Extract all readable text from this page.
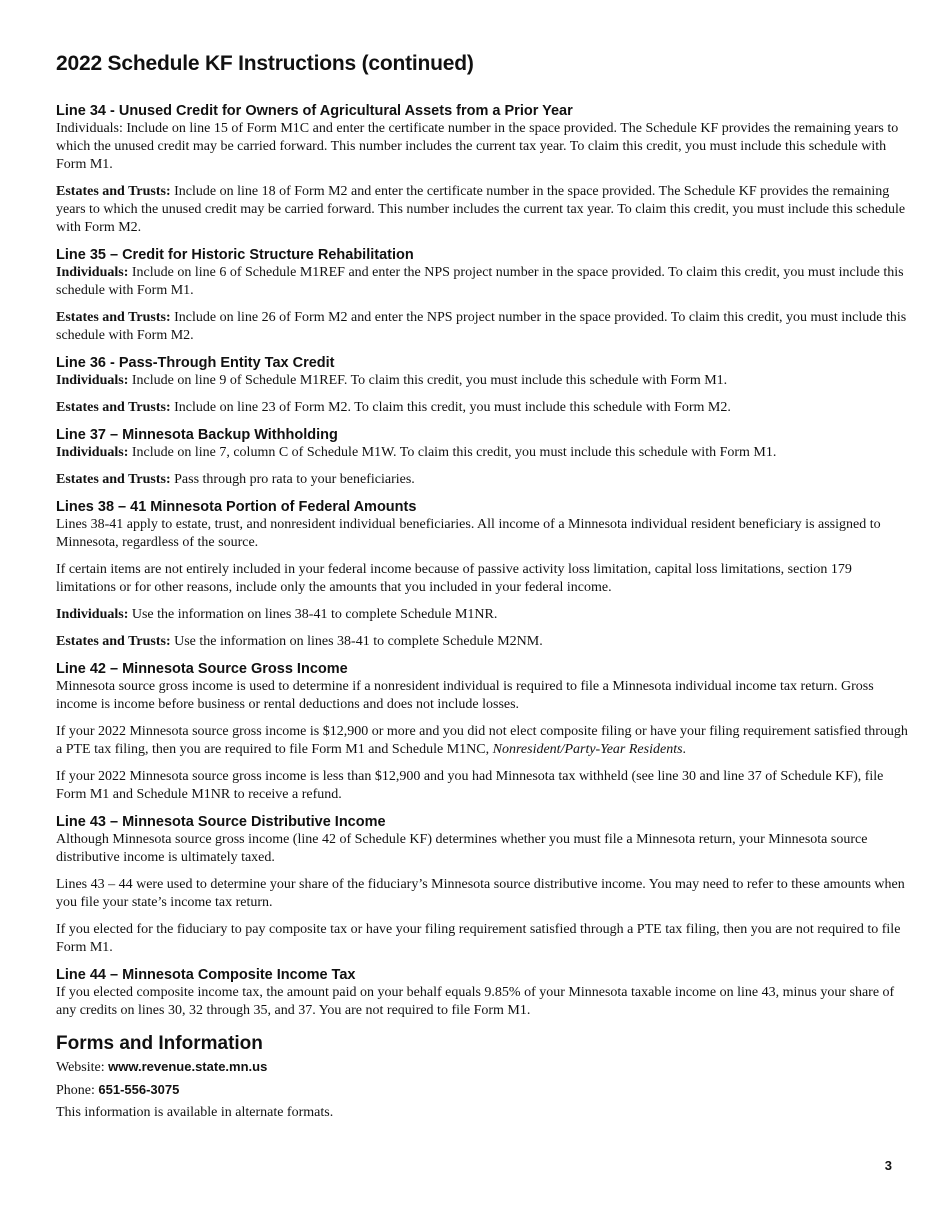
2022 Schedule KF Instructions (continued)
Line 34 - Unused Credit for Owners of Agricultural Assets from a Prior Year

Individuals: Include on line 15 of Form M1C and enter the certificate number in the space provided. The Schedule KF provides the remaining years to which the unused credit may be carried forward. This number includes the current tax year. To claim this credit, you must include this schedule with Form M1.

Estates and Trusts: Include on line 18 of Form M2 and enter the certificate number in the space provided. The Schedule KF provides the remaining years to which the unused credit may be carried forward. This number includes the current tax year. To claim this credit, you must include this schedule with Form M2.

Line 35 – Credit for Historic Structure Rehabilitation

Individuals: Include on line 6 of Schedule M1REF and enter the NPS project number in the space provided. To claim this credit, you must include this schedule with Form M1.

Estates and Trusts: Include on line 26 of Form M2 and enter the NPS project number in the space provided. To claim this credit, you must include this schedule with Form M2.

Line 36 - Pass-Through Entity Tax Credit

Individuals: Include on line 9 of Schedule M1REF. To claim this credit, you must include this schedule with Form M1.

Estates and Trusts: Include on line 23 of Form M2. To claim this credit, you must include this schedule with Form M2.

Line 37 – Minnesota Backup Withholding

Individuals: Include on line 7, column C of Schedule M1W. To claim this credit, you must include this schedule with Form M1.

Estates and Trusts: Pass through pro rata to your beneficiaries.

Lines 38 – 41 Minnesota Portion of Federal Amounts

Lines 38-41 apply to estate, trust, and nonresident individual beneficiaries. All income of a Minnesota individual resident beneficiary is assigned to Minnesota, regardless of the source.

If certain items are not entirely included in your federal income because of passive activity loss limitation, capital loss limitations, section 179 limitations or for other reasons, include only the amounts that you included in your federal income.

Individuals: Use the information on lines 38-41 to complete Schedule M1NR.

Estates and Trusts: Use the information on lines 38-41 to complete Schedule M2NM.

Line 42 – Minnesota Source Gross Income

Minnesota source gross income is used to determine if a nonresident individual is required to file a Minnesota individual income tax return. Gross income is income before business or rental deductions and does not include losses.

If your 2022 Minnesota source gross income is $12,900 or more and you did not elect composite filing or have your filing requirement satisfied through a PTE tax filing, then you are required to file Form M1 and Schedule M1NC, Nonresident/Party-Year Residents.

If your 2022 Minnesota source gross income is less than $12,900 and you had Minnesota tax withheld (see line 30 and line 37 of Schedule KF), file Form M1 and Schedule M1NR to receive a refund.

Line 43 – Minnesota Source Distributive Income

Although Minnesota source gross income (line 42 of Schedule KF) determines whether you must file a Minnesota return, your Minnesota source distributive income is ultimately taxed.

Lines 43 – 44 were used to determine your share of the fiduciary’s Minnesota source distributive income. You may need to refer to these amounts when you file your state’s income tax return.

If you elected for the fiduciary to pay composite tax or have your filing requirement satisfied through a PTE tax filing, then you are not required to file Form M1.

Line 44 – Minnesota Composite Income Tax

If you elected composite income tax, the amount paid on your behalf equals 9.85% of your Minnesota taxable income on line 43, minus your share of any credits on lines 30, 32 through 35, and 37. You are not required to file Form M1.

Forms and Information

Website: www.revenue.state.mn.us

Phone: 651-556-3075

This information is available in alternate formats.

3
